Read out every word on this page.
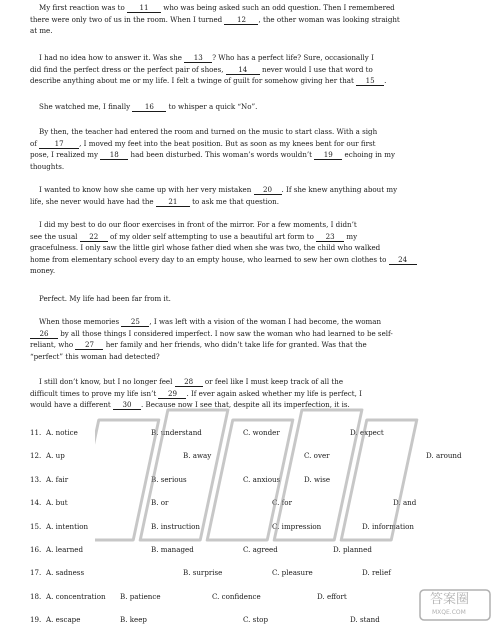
My first reaction was to 11 who was being asked such an odd question. Then I remembered
there were only two of us in the room. When I turned 12 , the other woman was looking straight
at me.
I had no idea how to answer it. Was she 13 ? Who has a perfect life? Sure, occasionally I
did find the perfect dress or the perfect pair of shoes, 14 never would I use that word to
describe anything about me or my life. I felt a twinge of guilt for somehow giving her that 15 .
She watched me, I finally 16 to whisper a quick “No”.
By then, the teacher had entered the room and turned on the music to start class. With a sigh
of 17 , I moved my feet into the beat position. But as soon as my knees bent for our first
pose, I realized my 18 had been disturbed. This woman’s words wouldn’t 19 echoing in my
thoughts.
I wanted to know how she came up with her very mistaken 20 . If she knew anything about my
life, she never would have had the 21 to ask me that question.
I did my best to do our floor exercises in front of the mirror. For a few moments, I didn’t
see the usual 22 of my older self attempting to use a beautiful art form to 23 my
gracefulness. I only saw the little girl whose father died when she was two, the child who walked
home from elementary school every day to an empty house, who learned to sew her own clothes to 24
money.
Perfect. My life had been far from it.
When those memories 25 , I was left with a vision of the woman I had become, the woman
26 by all those things I considered imperfect. I now saw the woman who had learned to be self-
reliant, who 27 her family and her friends, who didn’t take life for granted. Was that the
“perfect” this woman had detected?
I still don’t know, but I no longer feel 28 or feel like I must keep track of all the
difficult times to prove my life isn’t 29 . If ever again asked whether my life is perfect, I
would have a different 30 . Because now I see that, despite all its imperfection, it is.
11. A. notice	B. understand	C. wonder	D. expect
12. A. up	B. away	C. over	D. around
13. A. fair	B. serious	C. anxious	D. wise
14. A. but	B. or	C. for	D. and
15. A. intention	B. instruction	C. impression	D. information
16. A. learned	B. managed	C. agreed	D. planned
17. A. sadness	B. surprise	C. pleasure	D. relief
18. A. concentration B. patience	C. confidence	D. effort
19. A. escape	B. keep	C. stop	D. stand
答案圈
MXQE.COM
